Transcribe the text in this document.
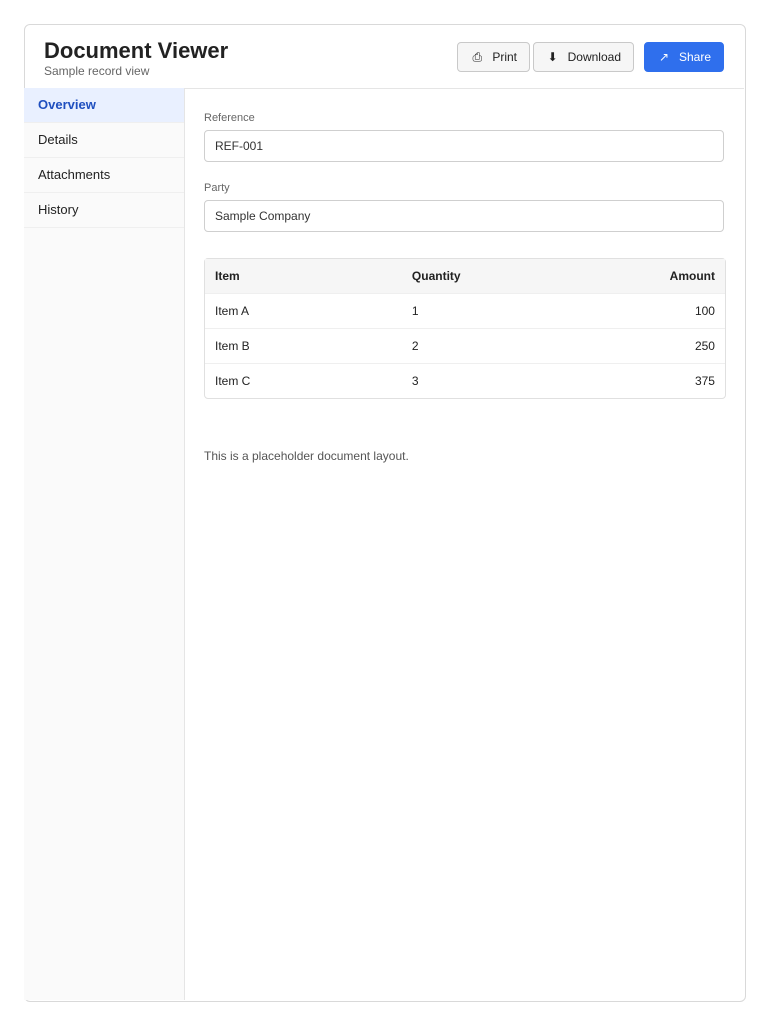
Document Viewer
Sample record view
⎙ Print	⬇ Download	↗ Share
Overview
Details
Attachments
History
Reference
REF-001
Party
Sample Company
Item	Quantity	Amount
Item A	1	100
Item B	2	250
Item C	3	375
This is a placeholder document layout.
